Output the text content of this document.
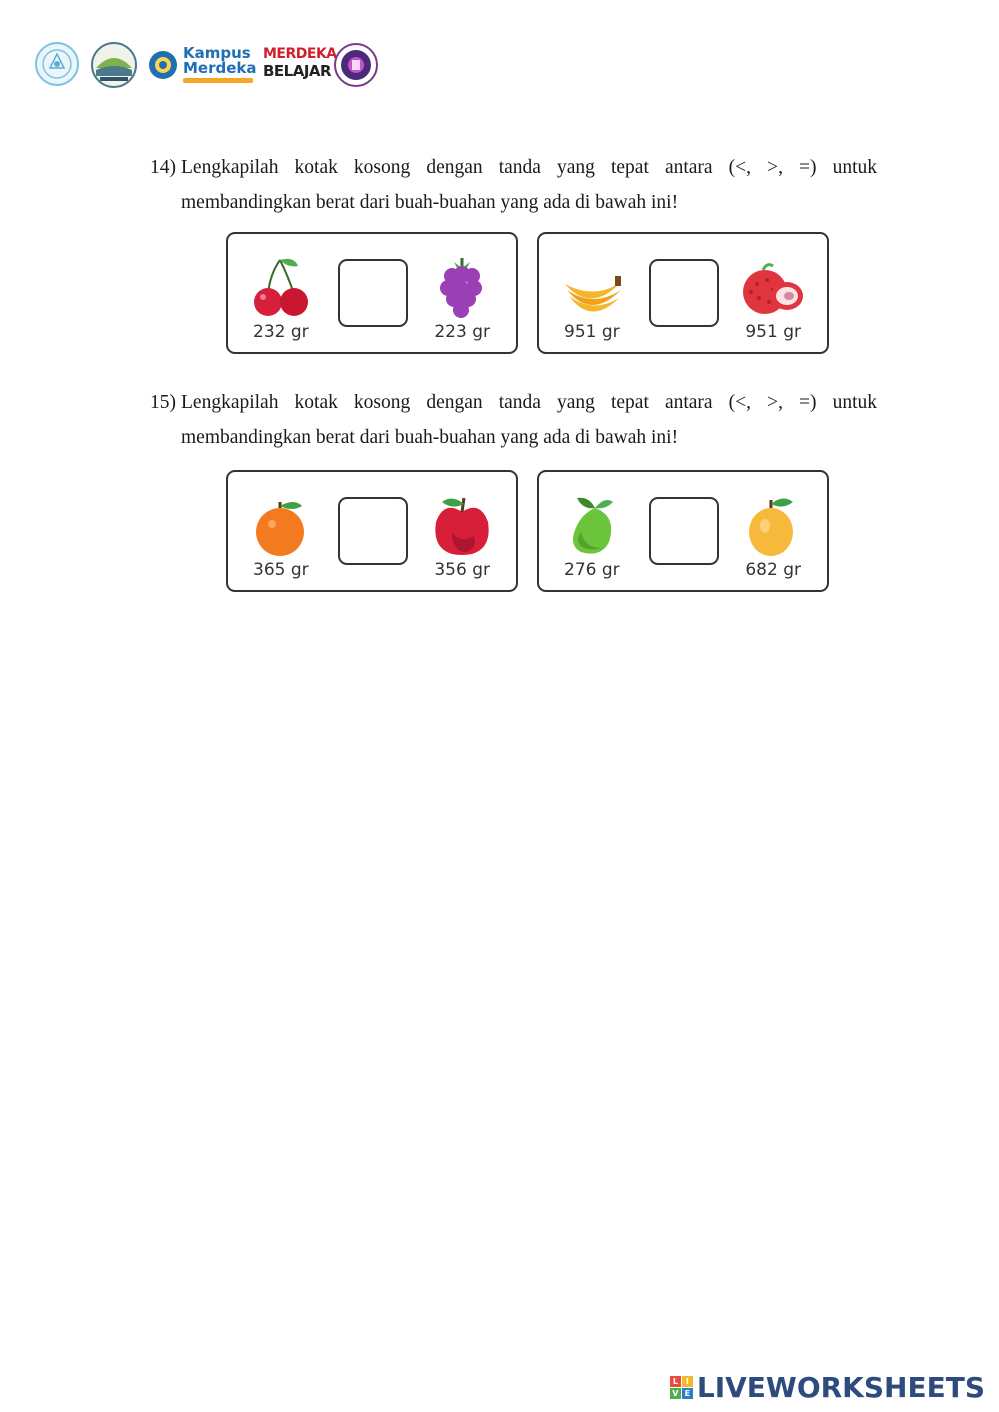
Kampus
Merdeka
MERDEKA
BELAJAR
14) Lengkapilah kotak kosong dengan tanda yang tepat antara (<, >, =) untuk
membandingkan berat dari buah-buahan yang ada di bawah ini!
232 gr	223 gr	951 gr	951 gr
15) Lengkapilah kotak kosong dengan tanda yang tepat antara (<, >, =) untuk
membandingkan berat dari buah-buahan yang ada di bawah ini!
365 gr	356 gr	276 gr	682 gr
L I
V E LIVEWORKSHEETS
